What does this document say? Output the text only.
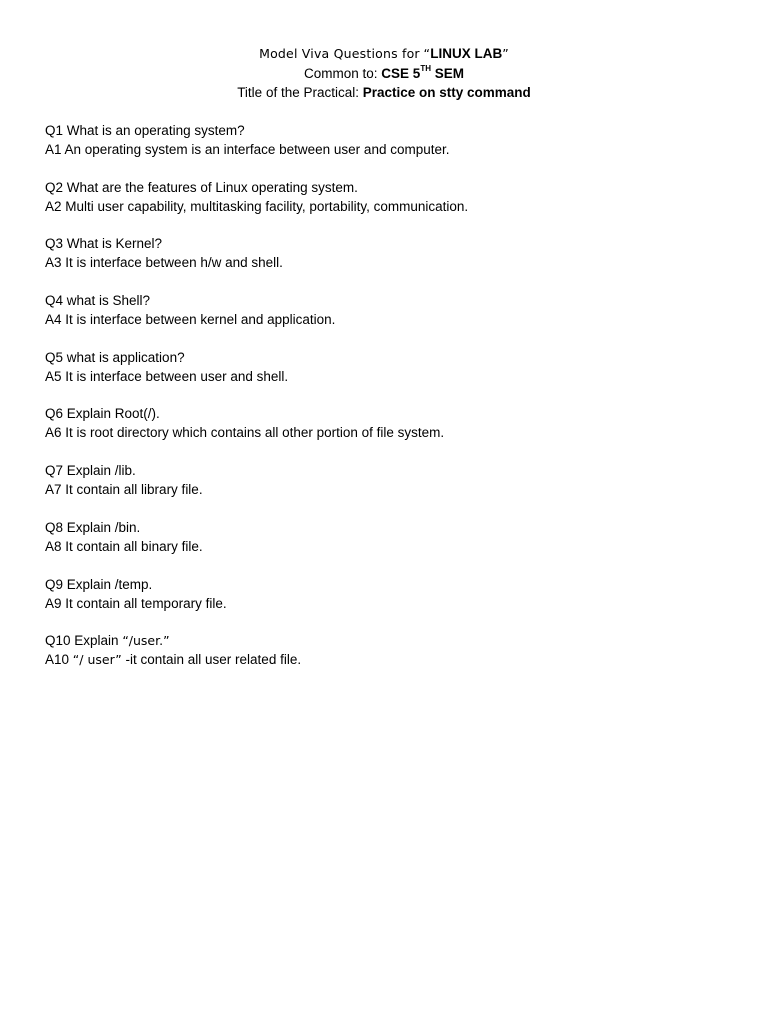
Model Viva Questions for “LINUX LAB”
Common to: CSE 5TH SEM
Title of the Practical: Practice on stty command
Q1 What is an operating system?
A1 An operating system is an interface between user and computer.
Q2 What are the features of Linux operating system.
A2 Multi user capability, multitasking facility, portability, communication.
Q3 What is Kernel?
A3 It is interface between h/w and shell.
Q4 what is Shell?
A4 It is interface between kernel and application.
Q5 what is application?
A5 It is interface between user and shell.
Q6 Explain Root(/).
A6 It is root directory which contains all other portion of file system.
Q7 Explain /lib.
A7 It contain all library file.
Q8 Explain /bin.
A8 It contain all binary file.
Q9 Explain /temp.
A9 It contain all temporary file.
Q10 Explain “/user.”
A10 “/ user” -it contain all user related file.
